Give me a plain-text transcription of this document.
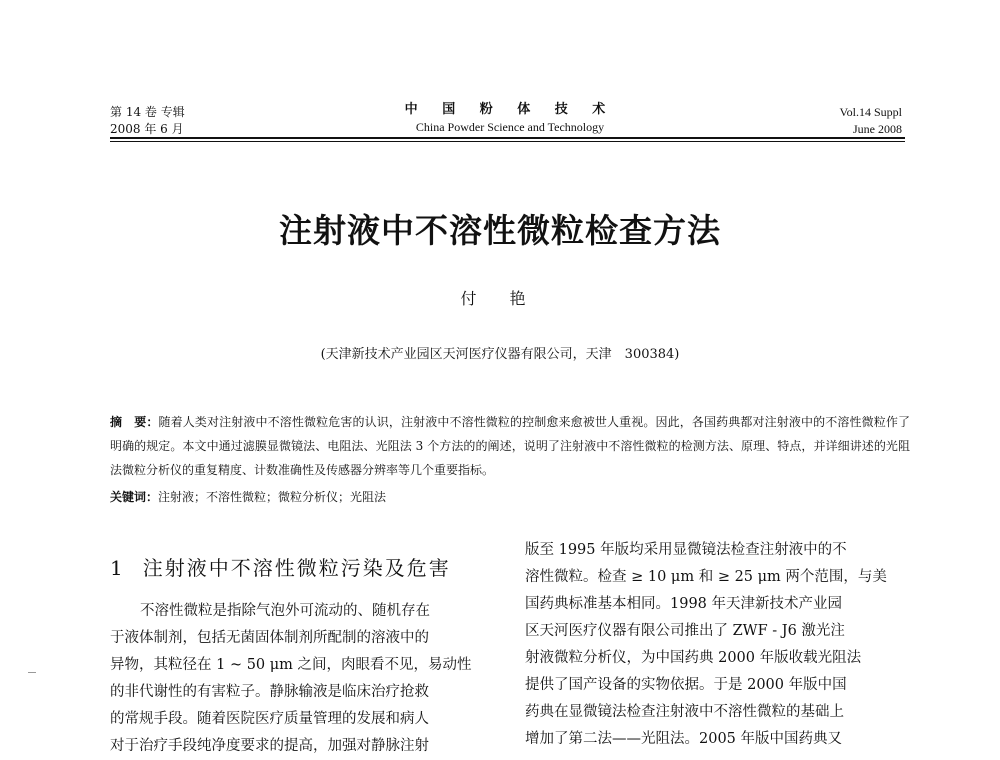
第 14 卷 专辑
2008 年 6 月
中 国 粉 体 技 术
China Powder Science and Technology
Vol.14 Suppl
June 2008
注射液中不溶性微粒检查方法
付 艳
(天津新技术产业园区天河医疗仪器有限公司，天津　300384)
摘　要：随着人类对注射液中不溶性微粒危害的认识，注射液中不溶性微粒的控制愈来愈被世人重视。因此，各国药典都对注射液中的不溶性微粒作了明确的规定。本文中通过滤膜显微镜法、电阻法、光阻法 3 个方法的的阐述，说明了注射液中不溶性微粒的检测方法、原理、特点，并详细讲述的光阻法微粒分析仪的重复精度、计数准确性及传感器分辨率等几个重要指标。
关键词：注射液；不溶性微粒；微粒分析仪；光阻法
1 注射液中不溶性微粒污染及危害
不溶性微粒是指除气泡外可流动的、随机存在
于液体制剂，包括无菌固体制剂所配制的溶液中的
异物，其粒径在 1 ~ 50 μm 之间，肉眼看不见，易动性
的非代谢性的有害粒子。静脉输液是临床治疗抢救
的常规手段。随着医院医疗质量管理的发展和病人
对于治疗手段纯净度要求的提高，加强对静脉注射
版至 1995 年版均采用显微镜法检查注射液中的不
溶性微粒。检查 ≥ 10 μm 和 ≥ 25 μm 两个范围，与美
国药典标准基本相同。1998 年天津新技术产业园
区天河医疗仪器有限公司推出了 ZWF - J6 激光注
射液微粒分析仪，为中国药典 2000 年版收载光阻法
提供了国产设备的实物依据。于是 2000 年版中国
药典在显微镜法检查注射液中不溶性微粒的基础上
增加了第二法——光阻法。2005 年版中国药典又
